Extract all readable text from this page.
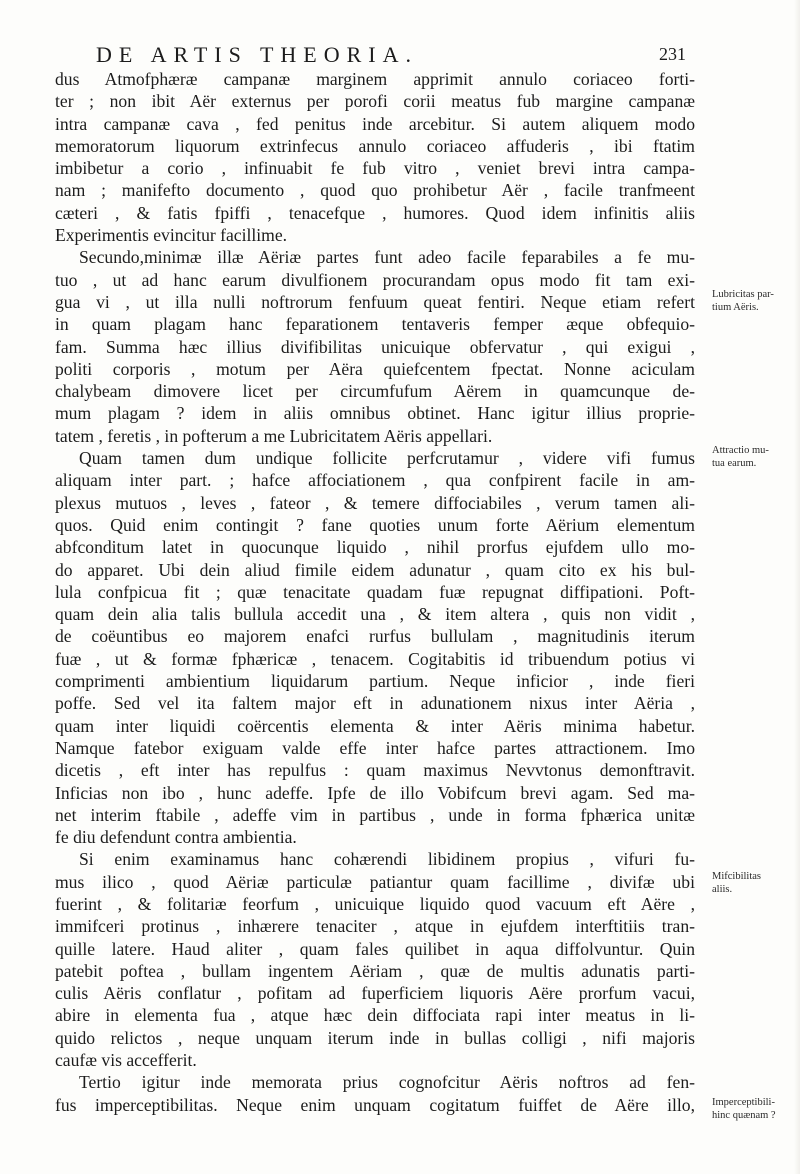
DE ARTIS THEORIA.	231
dus Atmofphæræ campanæ marginem apprimit annulo coriaceo forti-
ter ; non ibit Aër externus per porofi corii meatus fub margine campanæ
intra campanæ cava , fed penitus inde arcebitur. Si autem aliquem modo
memoratorum liquorum extrinfecus annulo coriaceo affuderis , ibi ftatim
imbibetur a corio , infinuabit fe fub vitro , veniet brevi intra campa-
nam ; manifefto documento , quod quo prohibetur Aër , facile tranfmeent
cæteri , & fatis fpiffi , tenacefque , humores. Quod idem infinitis aliis
Experimentis evincitur facillime.
Secundo,minimæ illæ Aëriæ partes funt adeo facile feparabiles a fe mu-
tuo , ut ad hanc earum divulfionem procurandam opus modo fit tam exi-
gua vi , ut illa nulli noftrorum fenfuum queat fentiri. Neque etiam refert
in quam plagam hanc feparationem tentaveris femper æque obfequio-
fam. Summa hæc illius divifibilitas unicuique obfervatur , qui exigui ,
politi corporis , motum per Aëra quiefcentem fpectat. Nonne aciculam
chalybeam dimovere licet per circumfufum Aërem in quamcunque de-
mum plagam ? idem in aliis omnibus obtinet. Hanc igitur illius proprie-
tatem , feretis , in pofterum a me Lubricitatem Aëris appellari.
Quam tamen dum undique follicite perfcrutamur , videre vifi fumus
aliquam inter part. ; hafce affociationem , qua confpirent facile in am-
plexus mutuos , leves , fateor , & temere diffociabiles , verum tamen ali-
quos. Quid enim contingit ? fane quoties unum forte Aërium elementum
abfconditum latet in quocunque liquido , nihil prorfus ejufdem ullo mo-
do apparet. Ubi dein aliud fimile eidem adunatur , quam cito ex his bul-
lula confpicua fit ; quæ tenacitate quadam fuæ repugnat diffipationi. Poft-
quam dein alia talis bullula accedit una , & item altera , quis non vidit ,
de coëuntibus eo majorem enafci rurfus bullulam , magnitudinis iterum
fuæ , ut & formæ fphæricæ , tenacem. Cogitabitis id tribuendum potius vi
comprimenti ambientium liquidarum partium. Neque inficior , inde fieri
poffe. Sed vel ita faltem major eft in adunationem nixus inter Aëria ,
quam inter liquidi coërcentis elementa & inter Aëris minima habetur.
Namque fatebor exiguam valde effe inter hafce partes attractionem. Imo
dicetis , eft inter has repulfus : quam maximus Nevvtonus demonftravit.
Inficias non ibo , hunc adeffe. Ipfe de illo Vobifcum brevi agam. Sed ma-
net interim ftabile , adeffe vim in partibus , unde in forma fphærica unitæ
fe diu defendunt contra ambientia.
Si enim examinamus hanc cohærendi libidinem propius , vifuri fu-
mus ilico , quod Aëriæ particulæ patiantur quam facillime , divifæ ubi
fuerint , & folitariæ feorfum , unicuique liquido quod vacuum eft Aëre ,
immifceri protinus , inhærere tenaciter , atque in ejufdem interftitiis tran-
quille latere. Haud aliter , quam fales quilibet in aqua diffolvuntur. Quin
patebit poftea , bullam ingentem Aëriam , quæ de multis adunatis parti-
culis Aëris conflatur , pofitam ad fuperficiem liquoris Aëre prorfum vacui,
abire in elementa fua , atque hæc dein diffociata rapi inter meatus in li-
quido relictos , neque unquam iterum inde in bullas colligi , nifi majoris
caufæ vis accefferit.
Tertio igitur inde memorata prius cognofcitur Aëris noftros ad fen-
fus imperceptibilitas. Neque enim unquam cogitatum fuiffet de Aëre illo,
Lubricitas par-
tium Aëris.
Attractio mu-
tua earum.
Mifcibilitas
aliis.
Imperceptibili-
hinc quænam ?
